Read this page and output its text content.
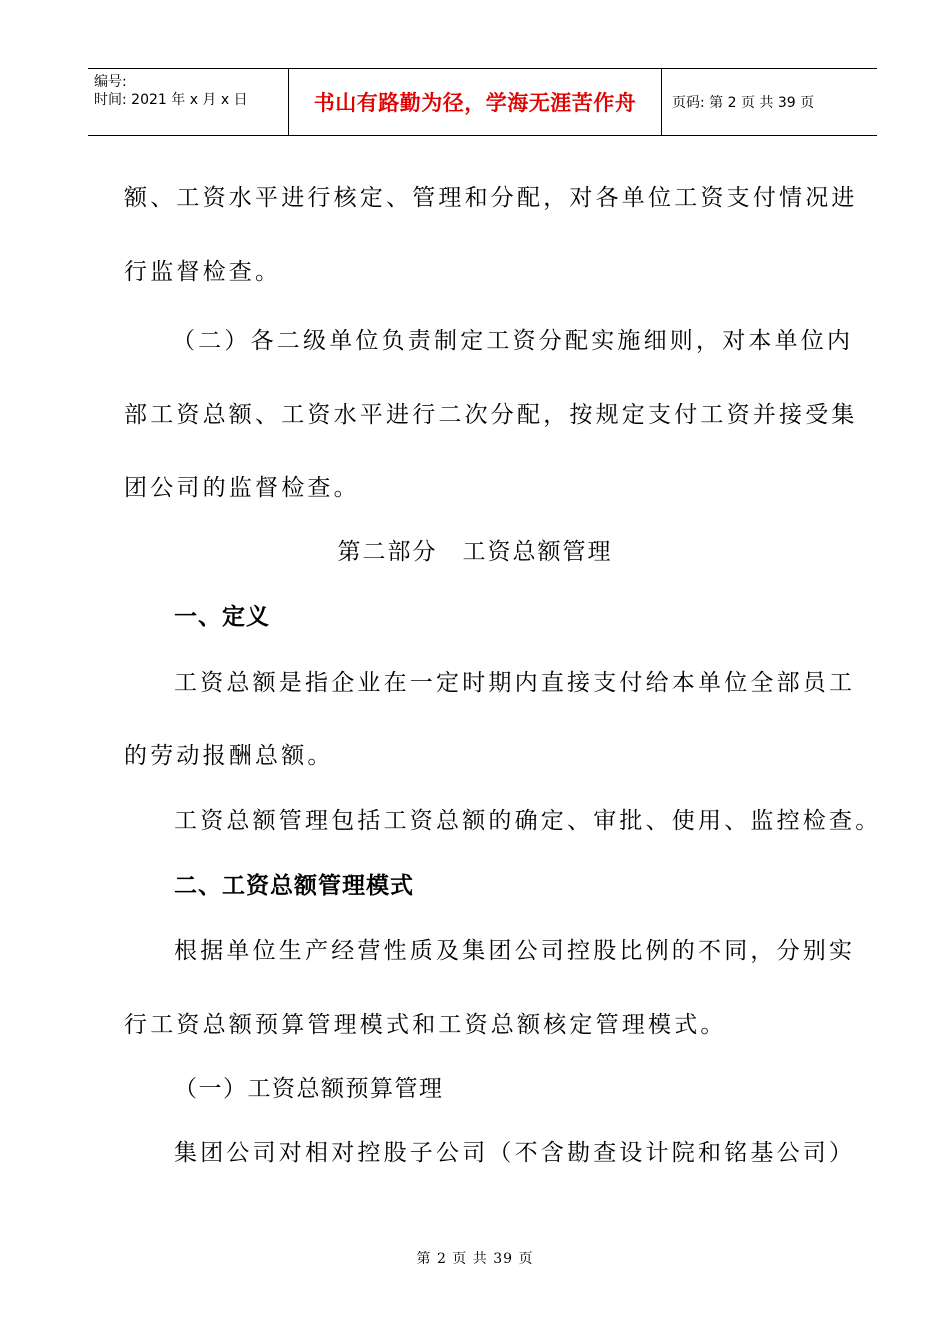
编号:
时间: 2021 年 x 月 x 日	书山有路勤为径，学海无涯苦作舟	页码: 第 2 页 共 39 页
额、工资水平进行核定、管理和分配，对各单位工资支付情况进
行监督检查。
（二）各二级单位负责制定工资分配实施细则，对本单位内
部工资总额、工资水平进行二次分配，按规定支付工资并接受集
团公司的监督检查。
第二部分　工资总额管理
一、定义
工资总额是指企业在一定时期内直接支付给本单位全部员工
的劳动报酬总额。
工资总额管理包括工资总额的确定、审批、使用、监控检查。
二、工资总额管理模式
根据单位生产经营性质及集团公司控股比例的不同，分别实
行工资总额预算管理模式和工资总额核定管理模式。
（一）工资总额预算管理
集团公司对相对控股子公司（不含勘查设计院和铭基公司）
第 2 页 共 39 页
